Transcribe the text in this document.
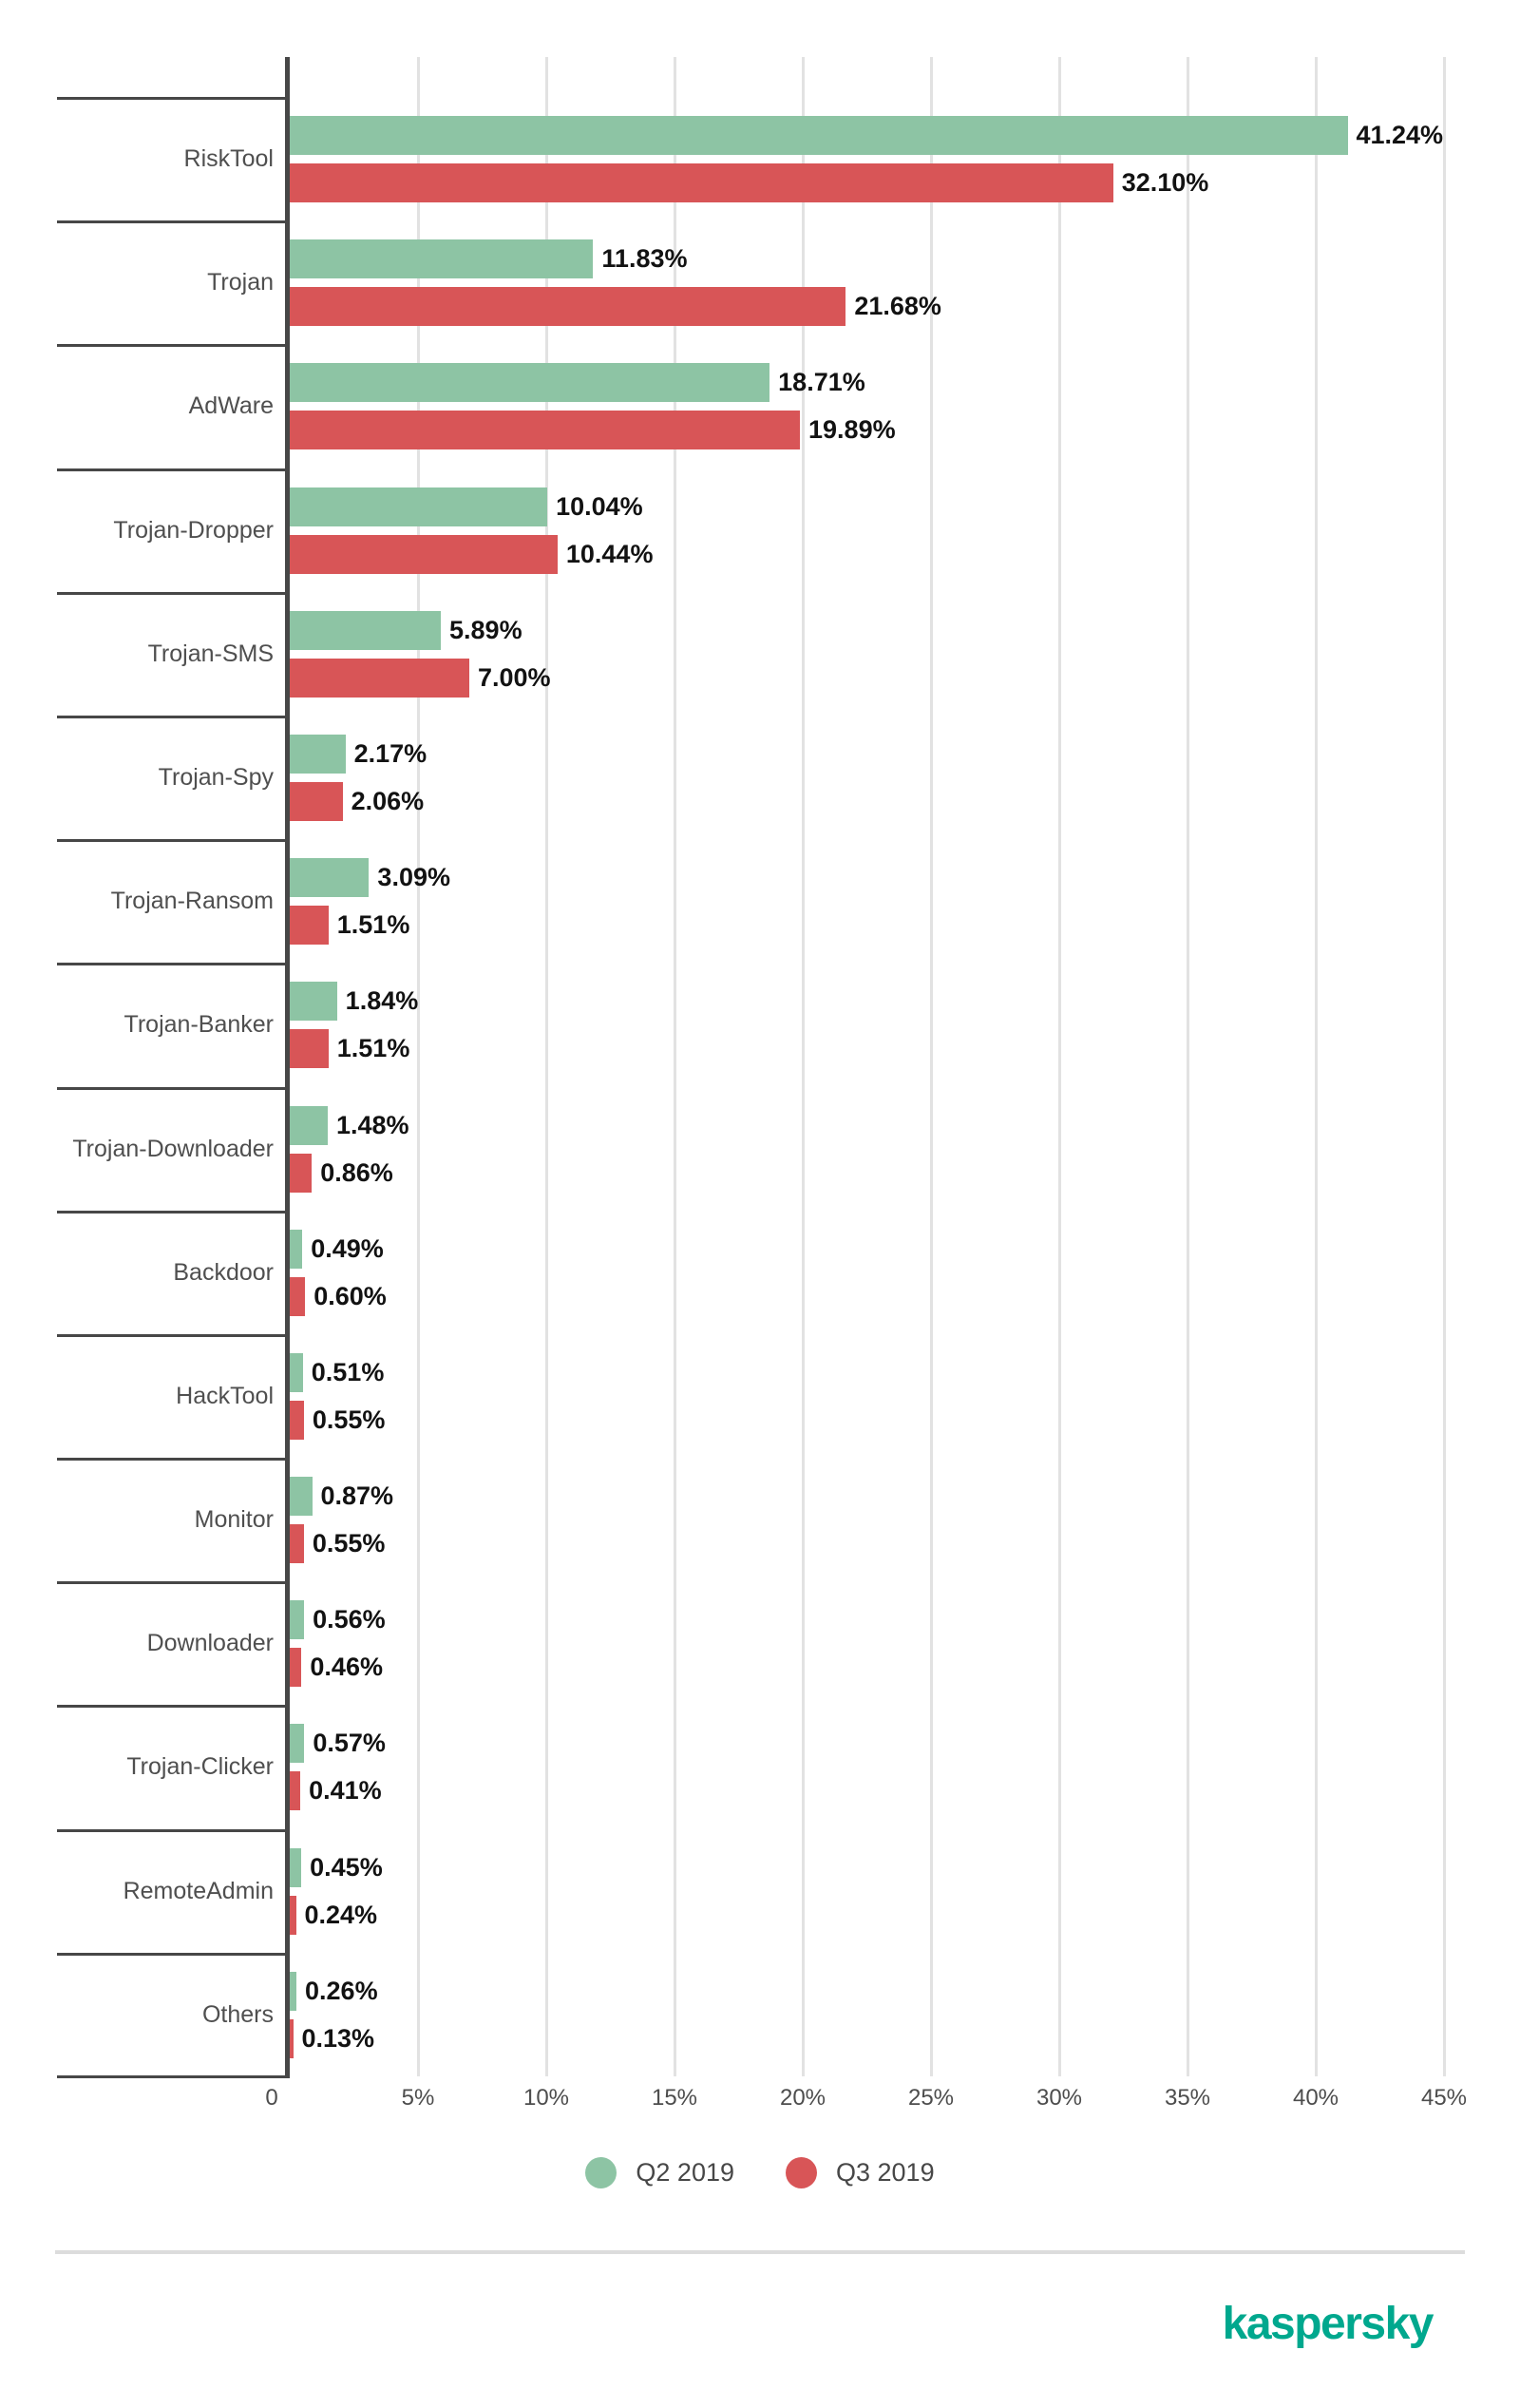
RiskTool
41.24%
32.10%
Trojan
11.83%
21.68%
AdWare
18.71%
19.89%
Trojan-Dropper
10.04%
10.44%
Trojan-SMS
5.89%
7.00%
Trojan-Spy
2.17%
2.06%
Trojan-Ransom
3.09%
1.51%
Trojan-Banker
1.84%
1.51%
Trojan-Downloader
1.48%
0.86%
Backdoor
0.49%
0.60%
HackTool
0.51%
0.55%
Monitor
0.87%
0.55%
Downloader
0.56%
0.46%
Trojan-Clicker
0.57%
0.41%
RemoteAdmin
0.45%
0.24%
Others
0.26%
0.13%
0	5%	10%	15%	20%	25%	30%	35%	40%	45%
Q2 2019	Q3 2019
kaspersky
